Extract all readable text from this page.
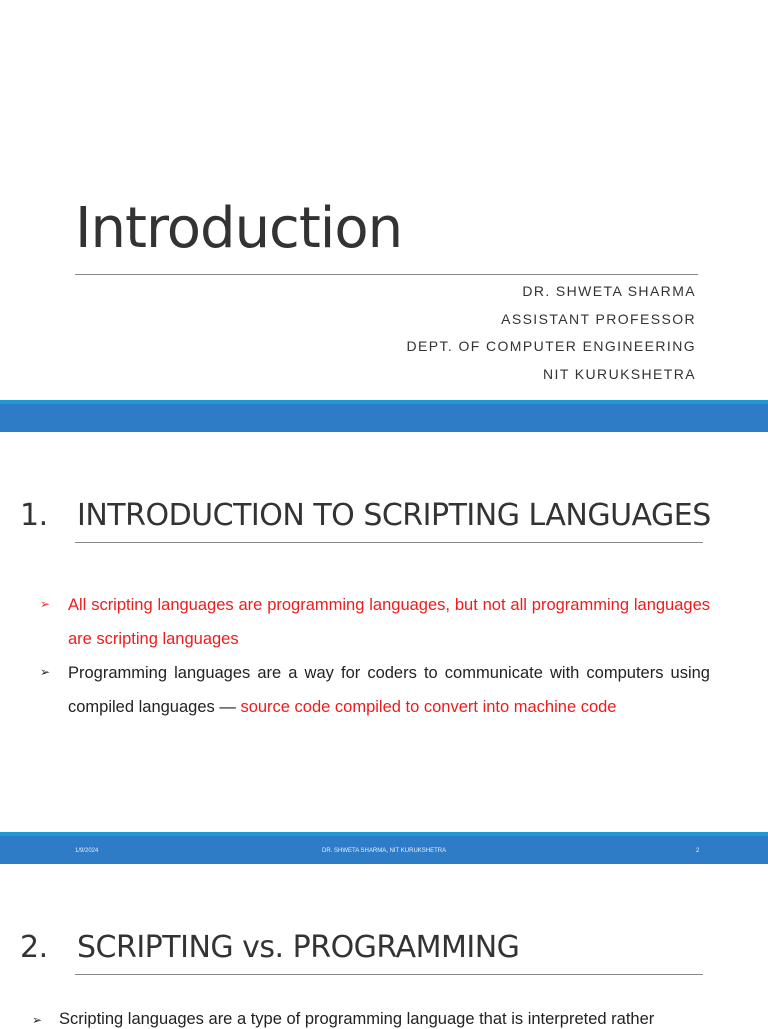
Introduction
DR. SHWETA SHARMA
ASSISTANT PROFESSOR
DEPT. OF COMPUTER ENGINEERING
NIT KURUKSHETRA
1. INTRODUCTION TO SCRIPTING LANGUAGES
➢ All scripting languages are programming languages, but not all programming languages are scripting languages
➢ Programming languages are a way for coders to communicate with computers using compiled languages — source code compiled to convert into machine code
1/9/2024	DR. SHWETA SHARMA, NIT KURUKSHETRA	2
2. SCRIPTING vs. PROGRAMMING
➢ Scripting languages are a type of programming language that is interpreted rather
